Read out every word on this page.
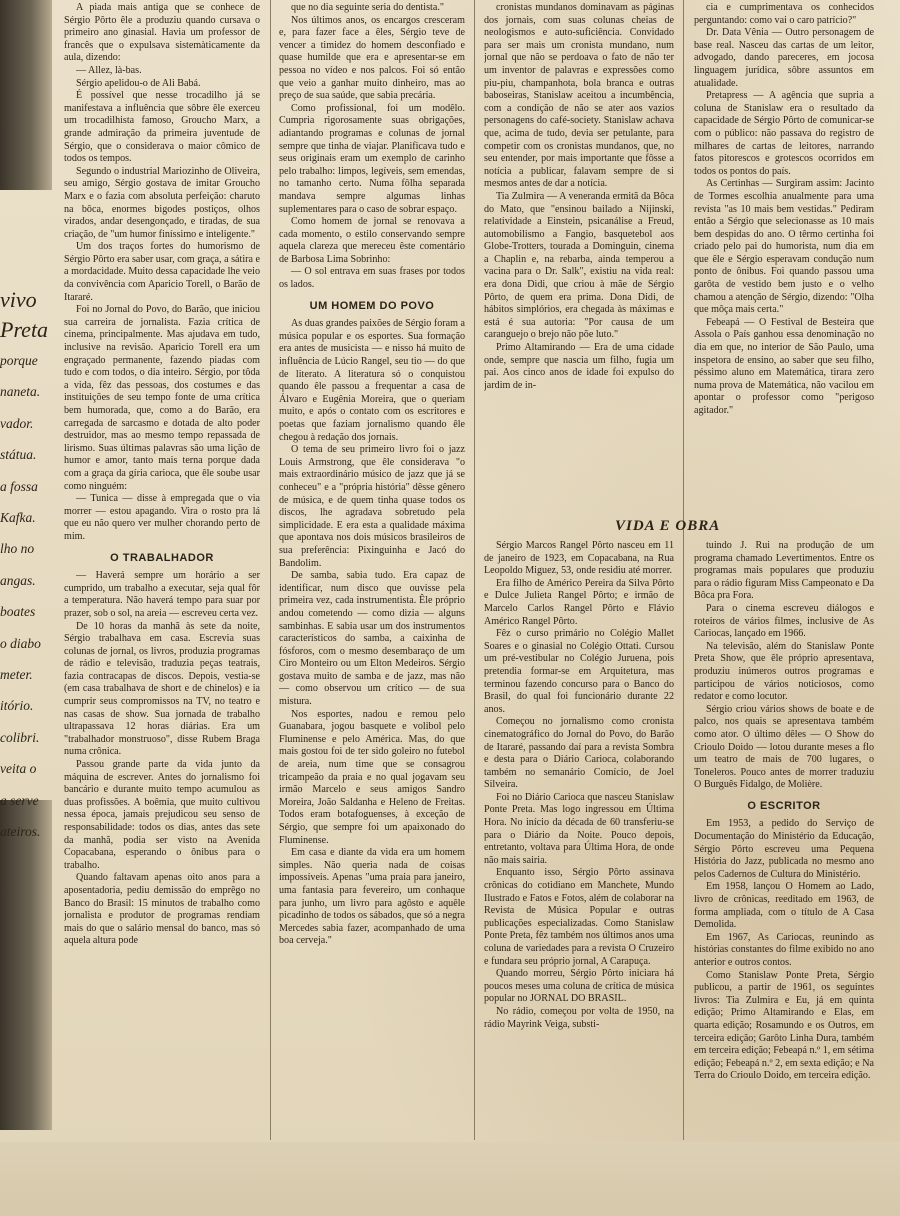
vivo
Preta
porque
naneta.
vador.
státua.
a fossa
Kafka.
lho no
angas.
boates
o diabo
meter.
itório.
colibri.
veita o
a serve
ateiros.

A piada mais antiga que se conhece de Sérgio Pôrto êle a produziu quando cursava o primeiro ano ginasial. Havia um professor de francês que o expulsava sistemàticamente da aula, dizendo:

— Allez, là-bas.

Sérgio apelidou-o de Ali Babá.

É possível que nesse trocadilho já se manifestava a influência que sôbre êle exerceu um trocadilhista famoso, Groucho Marx, a grande admiração da primeira juventude de Sérgio, que o considerava o maior cômico de todos os tempos.

Segundo o industrial Mariozinho de Oliveira, seu amigo, Sérgio gostava de imitar Groucho Marx e o fazia com absoluta perfeição: charuto na bôca, enormes bigodes postiços, olhos virados, andar desengonçado, e tiradas, de sua criação, de "um humor finíssimo e inteligente."

Um dos traços fortes do humorismo de Sérgio Pôrto era saber usar, com graça, a sátira e a mordacidade. Muito dessa capacidade lhe veio da convivência com Aparicio Torell, o Barão de Itararé.

Foi no Jornal do Povo, do Barão, que iniciou sua carreira de jornalista. Fazia crítica de cinema, principalmente. Mas ajudava em tudo, inclusive na revisão. Aparicio Torell era um engraçado permanente, fazendo piadas com tudo e com todos, o dia inteiro. Sérgio, por tôda a vida, fêz das pessoas, dos costumes e das instituições de seu tempo fonte de uma crítica bem humorada, que, como a do Barão, era carregada de sarcasmo e dotada de alto poder destruidor, mas ao mesmo tempo repassada de lirismo. Suas últimas palavras são uma lição de humor e amor, tanto mais terna porque dada com a graça da gíria carioca, que êle soube usar como ninguém:

— Tunica — disse à empregada que o via morrer — estou apagando. Vira o rosto pra lá que eu não quero ver mulher chorando perto de mim.

O TRABALHADOR

— Haverá sempre um horário a ser cumprido, um trabalho a executar, seja qual fôr a temperatura. Não haverá tempo para suar por prazer, sob o sol, na areia — escreveu certa vez.

De 10 horas da manhã às sete da noite, Sérgio trabalhava em casa. Escrevia suas colunas de jornal, os livros, produzia programas de rádio e televisão, traduzia peças teatrais, fazia contracapas de discos. Depois, vestia-se (em casa trabalhava de short e de chinelos) e ia cumprir seus compromissos na TV, no teatro e nas casas de show. Sua jornada de trabalho ultrapassava 12 horas diárias. Era um "trabalhador monstruoso", disse Rubem Braga numa crônica.

Passou grande parte da vida junto da máquina de escrever. Antes do jornalismo foi bancário e durante muito tempo acumulou as duas profissões. A boêmia, que muito cultivou nessa época, jamais prejudicou seu senso de responsabilidade: todos os dias, antes das sete da manhã, podia ser visto na Avenida Copacabana, esperando o ônibus para o trabalho.

Quando faltavam apenas oito anos para a aposentadoria, pediu demissão do emprêgo no Banco do Brasil: 15 minutos de trabalho como jornalista e produtor de programas rendiam mais do que o salário mensal do banco, mas só aquela altura pode

que no dia seguinte seria do dentista."

Nos últimos anos, os encargos cresceram e, para fazer face a êles, Sérgio teve de vencer a timidez do homem desconfiado e quase humilde que era e apresentar-se em pessoa no vídeo e nos palcos. Foi só então que veio a ganhar muito dinheiro, mas ao preço de sua saúde, que sabia precária.

Como profissional, foi um modêlo. Cumpria rigorosamente suas obrigações, adiantando programas e colunas de jornal sempre que tinha de viajar. Planificava tudo e seus originais eram um exemplo de carinho pelo trabalho: limpos, legíveis, sem emendas, no tamanho certo. Numa fôlha separada mandava sempre algumas linhas suplementares para o caso de sobrar espaço.

Como homem de jornal se renovava a cada momento, o estilo conservando sempre aquela clareza que mereceu êste comentário de Barbosa Lima Sobrinho:

— O sol entrava em suas frases por todos os lados.

UM HOMEM DO POVO

As duas grandes paixões de Sérgio foram a música popular e os esportes. Sua formação era antes de musicista — e nisso há muito de influência de Lúcio Rangel, seu tio — do que de literato. A literatura só o conquistou quando êle passou a frequentar a casa de Álvaro e Eugênia Moreira, que o queriam muito, e após o contato com os escritores e poetas que faziam jornalismo quando êle chegou à redação dos jornais.

O tema de seu primeiro livro foi o jazz Louis Armstrong, que êle considerava "o mais extraordinário músico de jazz que já se conheceu" e a "própria história" dêsse gênero de música, e de quem tinha quase todos os discos, lhe agradava sobretudo pela simplicidade. E era esta a qualidade máxima que apontava nos dois músicos brasileiros de sua preferência: Pixinguinha e Jacó do Bandolim.

De samba, sabia tudo. Era capaz de identificar, num disco que ouvisse pela primeira vez, cada instrumentista. Êle próprio andou cometendo — como dizia — alguns sambinhas. E sabia usar um dos instrumentos característicos do samba, a caixinha de fósforos, com o mesmo desembaraço de um Ciro Monteiro ou um Elton Medeiros. Sérgio gostava muito de samba e de jazz, mas não — como observou um crítico — de sua mistura.

Nos esportes, nadou e remou pelo Guanabara, jogou basquete e volibol pelo Fluminense e pelo América. Mas, do que mais gostou foi de ter sido goleiro no futebol de areia, num time que se consagrou tricampeão da praia e no qual jogavam seu irmão Marcelo e seus amigos Sandro Moreira, João Saldanha e Heleno de Freitas. Todos eram botafoguenses, à exceção de Sérgio, que sempre foi um apaixonado do Fluminense.

Em casa e diante da vida era um homem simples. Não queria nada de coisas impossíveis. Apenas "uma praia para janeiro, uma fantasia para fevereiro, um conhaque para junho, um livro para agôsto e aquêle picadinho de todos os sábados, que só a negra Mercedes sabia fazer, acompanhado de uma boa cerveja."

cronistas mundanos dominavam as páginas dos jornais, com suas colunas cheias de neologismos e auto-suficiência. Convidado para ser mais um cronista mundano, num jornal que não se perdoava o fato de não ter um inventor de palavras e expressões como piu-piu, champanhota, bola branca e outras baboseiras, Stanislaw aceitou a incumbência, com a condição de não se ater aos vazios personagens do café-society. Stanislaw achava que, acima de tudo, devia ser petulante, para competir com os cronistas mundanos, que, no seu entender, por mais importante que fôsse a notícia a publicar, falavam sempre de si mesmos antes de dar a notícia.

Tia Zulmira — A veneranda ermitã da Bôca do Mato, que "ensinou bailado a Nijinski, relatividade a Einstein, psicanálise a Freud, automobilismo a Fangio, basquetebol aos Globe-Trotters, tourada a Dominguin, cinema a Chaplin e, na rebarba, ainda temperou a vacina para o Dr. Salk", existiu na vida real: era dona Didi, que criou à mãe de Sérgio Pôrto, de quem era prima. Dona Didi, de hábitos simplórios, era chegada às máximas e está é sua autoria: "Por causa de um caranguejo o brejo não põe luto."

Primo Altamirando — Era de uma cidade onde, sempre que nascia um filho, fugia um pai. Aos cinco anos de idade foi expulso do jardim de in-

cia e cumprimentava os conhecidos perguntando: como vai o caro patrício?"

Dr. Data Vênia — Outro personagem de base real. Nasceu das cartas de um leitor, advogado, dando pareceres, em jocosa linguagem jurídica, sôbre assuntos em atualidade.

Pretapress — A agência que supria a coluna de Stanislaw era o resultado da capacidade de Sérgio Pôrto de comunicar-se com o público: não passava do registro de milhares de cartas de leitores, narrando fatos pitorescos e grotescos ocorridos em todos os pontos do país.

As Certinhas — Surgiram assim: Jacinto de Tormes escolhia anualmente para uma revista "as 10 mais bem vestidas." Pediram então a Sérgio que selecionasse as 10 mais bem despidas do ano. O têrmo certinha foi criado pelo pai do humorista, num dia em que êle e Sérgio esperavam condução num ponto de ônibus. Foi quando passou uma garôta de vestido bem justo e o velho chamou a atenção de Sérgio, dizendo: "Olha que môça mais certa."

Febeapá — O Festival de Besteira que Assola o País ganhou essa denominação no dia em que, no interior de São Paulo, uma inspetora de ensino, ao saber que seu filho, péssimo aluno em Matemática, tirara zero numa prova de Matemática, não vacilou em apontar o professor como "perigoso agitador."

VIDA E OBRA

Sérgio Marcos Rangel Pôrto nasceu em 11 de janeiro de 1923, em Copacabana, na Rua Leopoldo Miguez, 53, onde residiu até morrer.

Era filho de Américo Pereira da Silva Pôrto e Dulce Julieta Rangel Pôrto; e irmão de Marcelo Carlos Rangel Pôrto e Flávio Américo Rangel Pôrto.

Fêz o curso primário no Colégio Mallet Soares e o ginasial no Colégio Ottati. Cursou um pré-vestibular no Colégio Juruena, pois pretendia formar-se em Arquitetura, mas terminou fazendo concurso para o Banco do Brasil, do qual foi funcionário durante 22 anos.

Começou no jornalismo como cronista cinematográfico do Jornal do Povo, do Barão de Itararé, passando daí para a revista Sombra e desta para o Diário Carioca, colaborando também no semanário Comício, de Joel Silveira.

Foi no Diário Carioca que nasceu Stanislaw Ponte Preta. Mas logo ingressou em Última Hora. No início da década de 60 transferiu-se para o Diário da Noite. Pouco depois, entretanto, voltava para Última Hora, de onde não mais sairia.

Enquanto isso, Sérgio Pôrto assinava crônicas do cotidiano em Manchete, Mundo Ilustrado e Fatos e Fotos, além de colaborar na Revista de Música Popular e outras publicações especializadas. Como Stanislaw Ponte Preta, fêz também nos últimos anos uma coluna de variedades para a revista O Cruzeiro e fundara seu próprio jornal, A Carapuça.

Quando morreu, Sérgio Pôrto iniciara há poucos meses uma coluna de crítica de música popular no JORNAL DO BRASIL.

No rádio, começou por volta de 1950, na rádio Mayrink Veiga, substi-

tuindo J. Rui na produção de um programa chamado Levertimentos. Entre os programas mais populares que produziu para o rádio figuram Miss Campeonato e Da Bôca pra Fora.

Para o cinema escreveu diálogos e roteiros de vários filmes, inclusive de As Cariocas, lançado em 1966.

Na televisão, além do Stanislaw Ponte Preta Show, que êle próprio apresentava, produziu inúmeros outros programas e participou de vários noticiosos, como redator e como locutor.

Sérgio criou vários shows de boate e de palco, nos quais se apresentava também como ator. O último dêles — O Show do Crioulo Doido — lotou durante meses a flo um teatro de mais de 700 lugares, o Toneleros. Pouco antes de morrer traduziu O Burguês Fidalgo, de Molière.

O ESCRITOR

Em 1953, a pedido do Serviço de Documentação do Ministério da Educação, Sérgio Pôrto escreveu uma Pequena História do Jazz, publicada no mesmo ano pelos Cadernos de Cultura do Ministério.

Em 1958, lançou O Homem ao Lado, livro de crônicas, reeditado em 1963, de forma ampliada, com o título de A Casa Demolida.

Em 1967, As Cariocas, reunindo as histórias constantes do filme exibido no ano anterior e outros contos.

Como Stanislaw Ponte Preta, Sérgio publicou, a partir de 1961, os seguintes livros: Tia Zulmira e Eu, já em quinta edição; Primo Altamirando e Elas, em quarta edição; Rosamundo e os Outros, em terceira edição; Garôto Linha Dura, também em terceira edição; Febeapá n.º 1, em sétima edição; Febeapá n.º 2, em sexta edição; e Na Terra do Crioulo Doido, em terceira edição.
